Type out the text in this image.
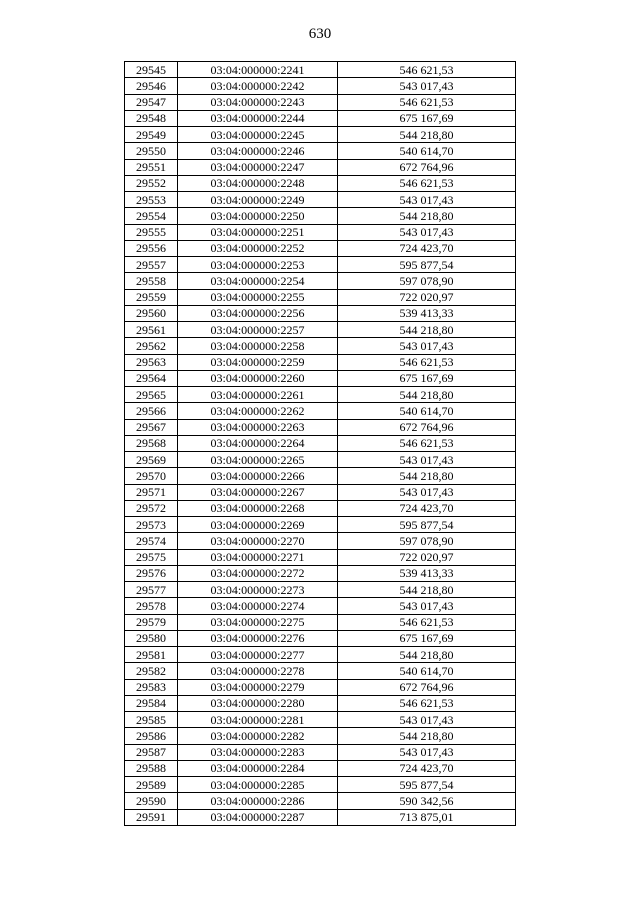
630
29545	03:04:000000:2241	546 621,53
29546	03:04:000000:2242	543 017,43
29547	03:04:000000:2243	546 621,53
29548	03:04:000000:2244	675 167,69
29549	03:04:000000:2245	544 218,80
29550	03:04:000000:2246	540 614,70
29551	03:04:000000:2247	672 764,96
29552	03:04:000000:2248	546 621,53
29553	03:04:000000:2249	543 017,43
29554	03:04:000000:2250	544 218,80
29555	03:04:000000:2251	543 017,43
29556	03:04:000000:2252	724 423,70
29557	03:04:000000:2253	595 877,54
29558	03:04:000000:2254	597 078,90
29559	03:04:000000:2255	722 020,97
29560	03:04:000000:2256	539 413,33
29561	03:04:000000:2257	544 218,80
29562	03:04:000000:2258	543 017,43
29563	03:04:000000:2259	546 621,53
29564	03:04:000000:2260	675 167,69
29565	03:04:000000:2261	544 218,80
29566	03:04:000000:2262	540 614,70
29567	03:04:000000:2263	672 764,96
29568	03:04:000000:2264	546 621,53
29569	03:04:000000:2265	543 017,43
29570	03:04:000000:2266	544 218,80
29571	03:04:000000:2267	543 017,43
29572	03:04:000000:2268	724 423,70
29573	03:04:000000:2269	595 877,54
29574	03:04:000000:2270	597 078,90
29575	03:04:000000:2271	722 020,97
29576	03:04:000000:2272	539 413,33
29577	03:04:000000:2273	544 218,80
29578	03:04:000000:2274	543 017,43
29579	03:04:000000:2275	546 621,53
29580	03:04:000000:2276	675 167,69
29581	03:04:000000:2277	544 218,80
29582	03:04:000000:2278	540 614,70
29583	03:04:000000:2279	672 764,96
29584	03:04:000000:2280	546 621,53
29585	03:04:000000:2281	543 017,43
29586	03:04:000000:2282	544 218,80
29587	03:04:000000:2283	543 017,43
29588	03:04:000000:2284	724 423,70
29589	03:04:000000:2285	595 877,54
29590	03:04:000000:2286	590 342,56
29591	03:04:000000:2287	713 875,01
